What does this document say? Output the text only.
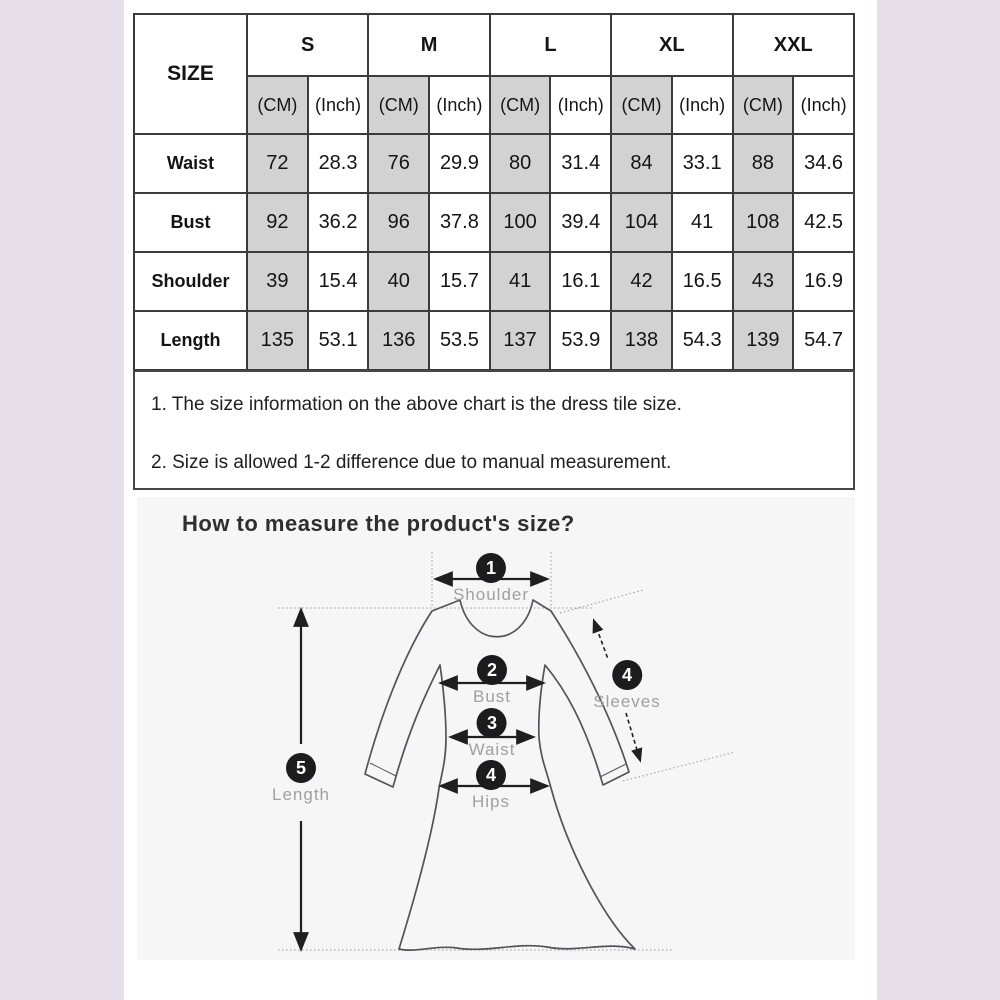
SIZE	S		M		L		XL		XXL	
	(CM)	(Inch)	(CM)	(Inch)	(CM)	(Inch)	(CM)	(Inch)	(CM)	(Inch)
Waist	72	28.3	76	29.9	80	31.4	84	33.1	88	34.6
Bust	92	36.2	96	37.8	100	39.4	104	41	108	42.5
Shoulder	39	15.4	40	15.7	41	16.1	42	16.5	43	16.9
Length	135	53.1	136	53.5	137	53.9	138	54.3	139	54.7
1. The size information on the above chart is the dress tile size.
2. Size is allowed 1-2 difference due to manual measurement.
How to measure the product's size?
1
Shoulder
2
Bust
3
Waist
4
Hips
4
Sleeves
5
Length
